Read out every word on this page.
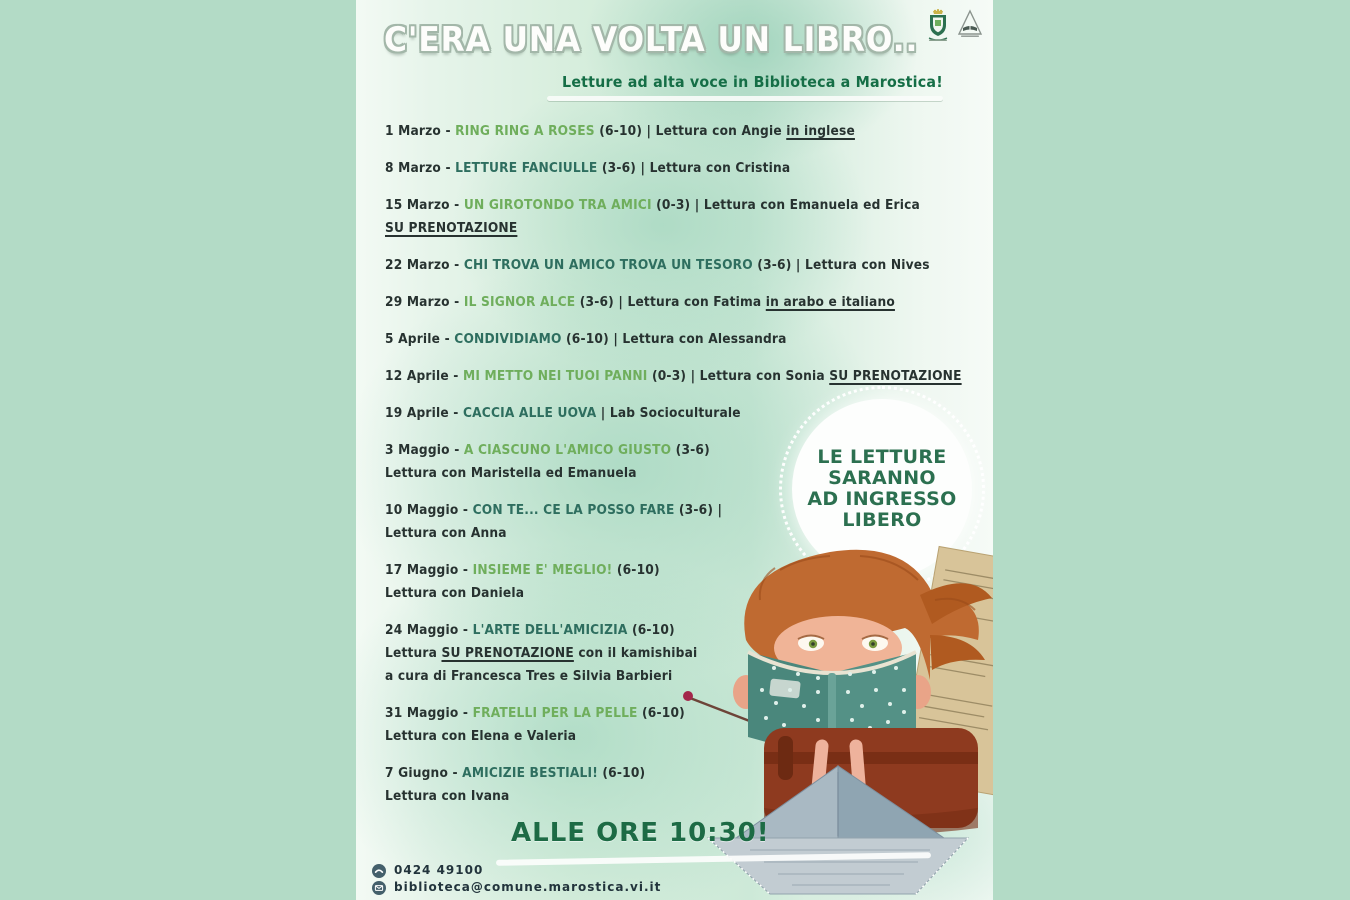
C'ERA UNA VOLTA UN LIBRO..
Letture ad alta voce in Biblioteca a Marostica!
1 Marzo - RING RING A ROSES (6-10) | Lettura con Angie in inglese
8 Marzo - LETTURE FANCIULLE (3-6) | Lettura con Cristina
15 Marzo - UN GIROTONDO TRA AMICI (0-3) | Lettura con Emanuela ed Erica
SU PRENOTAZIONE
22 Marzo - CHI TROVA UN AMICO TROVA UN TESORO (3-6) | Lettura con Nives
29 Marzo - IL SIGNOR ALCE (3-6) | Lettura con Fatima in arabo e italiano
5 Aprile - CONDIVIDIAMO (6-10) | Lettura con Alessandra
12 Aprile - MI METTO NEI TUOI PANNI (0-3) | Lettura con Sonia SU PRENOTAZIONE
19 Aprile - CACCIA ALLE UOVA | Lab Socioculturale
3 Maggio - A CIASCUNO L'AMICO GIUSTO (3-6)
Lettura con Maristella ed Emanuela
10 Maggio - CON TE... CE LA POSSO FARE (3-6) |
Lettura con Anna
17 Maggio - INSIEME E' MEGLIO! (6-10)
Lettura con Daniela
24 Maggio - L'ARTE DELL'AMICIZIA (6-10)
Lettura SU PRENOTAZIONE con il kamishibai
a cura di Francesca Tres e Silvia Barbieri
31 Maggio - FRATELLI PER LA PELLE (6-10)
Lettura con Elena e Valeria
7 Giugno - AMICIZIE BESTIALI! (6-10)
Lettura con Ivana
LE LETTURE
SARANNO
AD INGRESSO
LIBERO
ALLE ORE 10:30!
0424 49100
biblioteca@comune.marostica.vi.it
